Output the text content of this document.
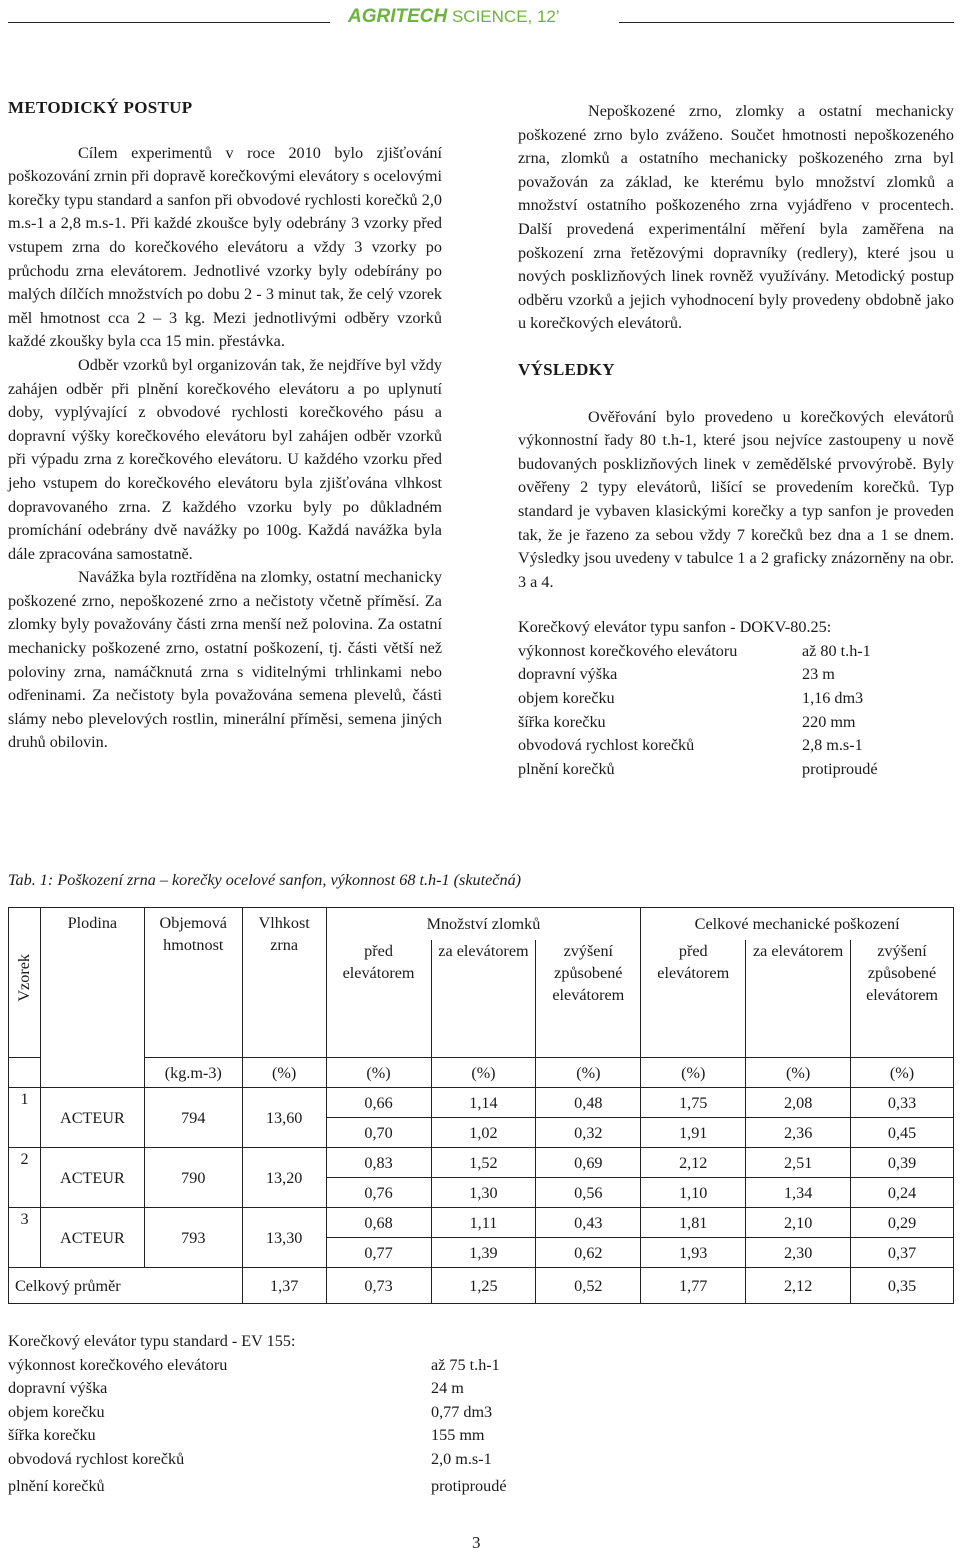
AGRITECH SCIENCE, 12’

METODICKÝ POSTUP

Cílem experimentů v roce 2010 bylo zjišťování poškozování zrnin při dopravě korečkovými elevátory s ocelovými korečky typu standard a sanfon při obvodové rychlosti korečků 2,0 m.s-1 a 2,8 m.s-1. Při každé zkoušce byly odebrány 3 vzorky před vstupem zrna do korečkového elevátoru a vždy 3 vzorky po průchodu zrna elevátorem. Jednotlivé vzorky byly odebírány po malých dílčích množstvích po dobu 2 - 3 minut tak, že celý vzorek měl hmotnost cca 2 – 3 kg. Mezi jednotlivými odběry vzorků každé zkoušky byla cca 15 min. přestávka.

Odběr vzorků byl organizován tak, že nejdříve byl vždy zahájen odběr při plnění korečkového elevátoru a po uplynutí doby, vyplývající z obvodové rychlosti korečkového pásu a dopravní výšky korečkového elevátoru byl zahájen odběr vzorků při výpadu zrna z korečkového elevátoru. U každého vzorku před jeho vstupem do korečkového elevátoru byla zjišťována vlhkost dopravovaného zrna. Z každého vzorku byly po důkladném promíchání odebrány dvě navážky po 100g. Každá navážka byla dále zpracována samostatně.

Navážka byla roztříděna na zlomky, ostatní mechanicky poškozené zrno, nepoškozené zrno a nečistoty včetně příměsí. Za zlomky byly považovány části zrna menší než polovina. Za ostatní mechanicky poškozené zrno, ostatní poškození, tj. části větší než poloviny zrna, namáčknutá zrna s viditelnými trhlinkami nebo odřeninami. Za nečistoty byla považována semena plevelů, části slámy nebo plevelových rostlin, minerální příměsi, semena jiných druhů obilovin.

Nepoškozené zrno, zlomky a ostatní mechanicky poškozené zrno bylo zváženo. Součet hmotnosti nepoškozeného zrna, zlomků a ostatního mechanicky poškozeného zrna byl považován za základ, ke kterému bylo množství zlomků a množství ostatního poškozeného zrna vyjádřeno v procentech. Další provedená experimentální měření byla zaměřena na poškození zrna řetězovými dopravníky (redlery), které jsou u nových posklizňových linek rovněž využívány. Metodický postup odběru vzorků a jejich vyhodnocení byly provedeny obdobně jako u korečkových elevátorů.

VÝSLEDKY

Ověřování bylo provedeno u korečkových elevátorů výkonnostní řady 80 t.h-1, které jsou nejvíce zastoupeny u nově budovaných posklizňových linek v zemědělské prvovýrobě. Byly ověřeny 2 typy elevátorů, lišící se provedením korečků. Typ standard je vybaven klasickými korečky a typ sanfon je proveden tak, že je řazeno za sebou vždy 7 korečků bez dna a 1 se dnem. Výsledky jsou uvedeny v tabulce 1 a 2 graficky znázorněny na obr. 3 a 4.

Korečkový elevátor typu sanfon - DOKV-80.25:

výkonnost korečkového elevátoru	až 80 t.h-1
dopravní výška	23 m
objem korečku	1,16 dm3
šířka korečku	220 mm
obvodová rychlost korečků	2,8 m.s-1
plnění korečků	protiproudé
Tab. 1: Poškození zrna – korečky ocelové sanfon, výkonnost 68 t.h-1 (skutečná)
Vzorek	Plodina	Objemová hmotnost	Vlhkost zrna	Množství zlomků			Celkové mechanické poškození		
				před elevátorem	za elevátorem	zvýšení způsobené elevátorem	před elevátorem	za elevátorem	zvýšení způsobené elevátorem
		(kg.m-3)	(%)	(%)	(%)	(%)	(%)	(%)	(%)
1	ACTEUR	794	13,60	0,66	1,14	0,48	1,75	2,08	0,33
				0,70	1,02	0,32	1,91	2,36	0,45
2	ACTEUR	790	13,20	0,83	1,52	0,69	2,12	2,51	0,39
				0,76	1,30	0,56	1,10	1,34	0,24
3	ACTEUR	793	13,30	0,68	1,11	0,43	1,81	2,10	0,29
				0,77	1,39	0,62	1,93	2,30	0,37
Celkový průměr			1,37	0,73	1,25	0,52	1,77	2,12	0,35
Korečkový elevátor typu standard - EV 155:
výkonnost korečkového elevátoru	až 75 t.h-1
dopravní výška	24 m
objem korečku	0,77 dm3
šířka korečku	155 mm
obvodová rychlost korečků	2,0 m.s-1
plnění korečků	protiproudé
3
